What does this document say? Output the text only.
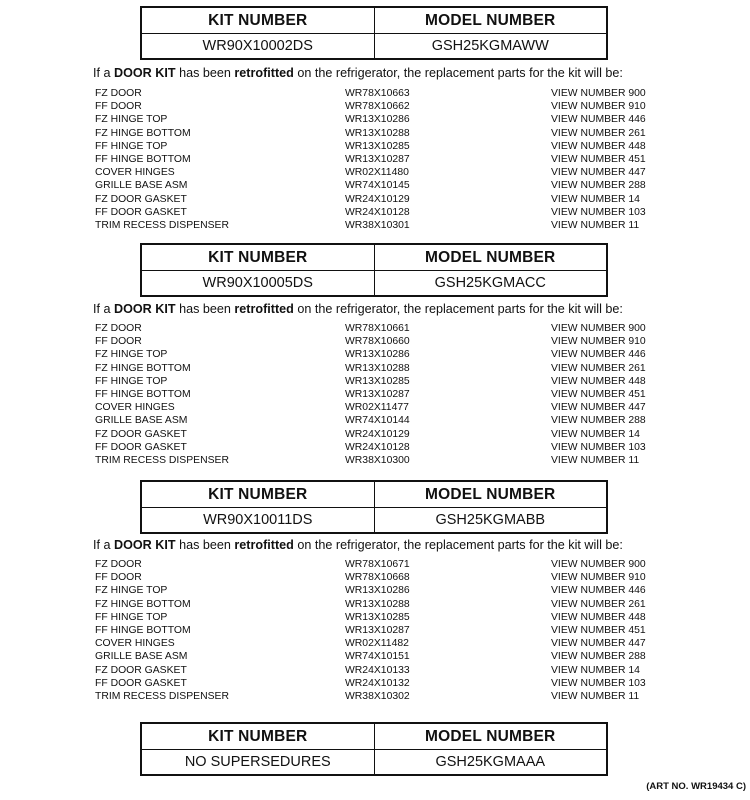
KIT NUMBER	MODEL NUMBER
WR90X10002DS	GSH25KGMAWW
If a DOOR KIT has been retrofitted on the refrigerator, the replacement parts for the kit will be:
FZ DOOR	WR78X10663	VIEW NUMBER 900
FF DOOR	WR78X10662	VIEW NUMBER 910
FZ HINGE TOP	WR13X10286	VIEW NUMBER 446
FZ HINGE BOTTOM	WR13X10288	VIEW NUMBER 261
FF HINGE TOP	WR13X10285	VIEW NUMBER 448
FF HINGE BOTTOM	WR13X10287	VIEW NUMBER 451
COVER HINGES	WR02X11480	VIEW NUMBER 447
GRILLE BASE ASM	WR74X10145	VIEW NUMBER 288
FZ DOOR GASKET	WR24X10129	VIEW NUMBER 14
FF DOOR GASKET	WR24X10128	VIEW NUMBER 103
TRIM RECESS DISPENSER	WR38X10301	VIEW NUMBER 11
KIT NUMBER	MODEL NUMBER
WR90X10005DS	GSH25KGMACC
If a DOOR KIT has been retrofitted on the refrigerator, the replacement parts for the kit will be:
FZ DOOR	WR78X10661	VIEW NUMBER 900
FF DOOR	WR78X10660	VIEW NUMBER 910
FZ HINGE TOP	WR13X10286	VIEW NUMBER 446
FZ HINGE BOTTOM	WR13X10288	VIEW NUMBER 261
FF HINGE TOP	WR13X10285	VIEW NUMBER 448
FF HINGE BOTTOM	WR13X10287	VIEW NUMBER 451
COVER HINGES	WR02X11477	VIEW NUMBER 447
GRILLE BASE ASM	WR74X10144	VIEW NUMBER 288
FZ DOOR GASKET	WR24X10129	VIEW NUMBER 14
FF DOOR GASKET	WR24X10128	VIEW NUMBER 103
TRIM RECESS DISPENSER	WR38X10300	VIEW NUMBER 11
KIT NUMBER	MODEL NUMBER
WR90X10011DS	GSH25KGMABB
If a DOOR KIT has been retrofitted on the refrigerator, the replacement parts for the kit will be:
FZ DOOR	WR78X10671	VIEW NUMBER 900
FF DOOR	WR78X10668	VIEW NUMBER 910
FZ HINGE TOP	WR13X10286	VIEW NUMBER 446
FZ HINGE BOTTOM	WR13X10288	VIEW NUMBER 261
FF HINGE TOP	WR13X10285	VIEW NUMBER 448
FF HINGE BOTTOM	WR13X10287	VIEW NUMBER 451
COVER HINGES	WR02X11482	VIEW NUMBER 447
GRILLE BASE ASM	WR74X10151	VIEW NUMBER 288
FZ DOOR GASKET	WR24X10133	VIEW NUMBER 14
FF DOOR GASKET	WR24X10132	VIEW NUMBER 103
TRIM RECESS DISPENSER	WR38X10302	VIEW NUMBER 11
KIT NUMBER	MODEL NUMBER
NO SUPERSEDURES	GSH25KGMAAA
(ART NO. WR19434 C)
